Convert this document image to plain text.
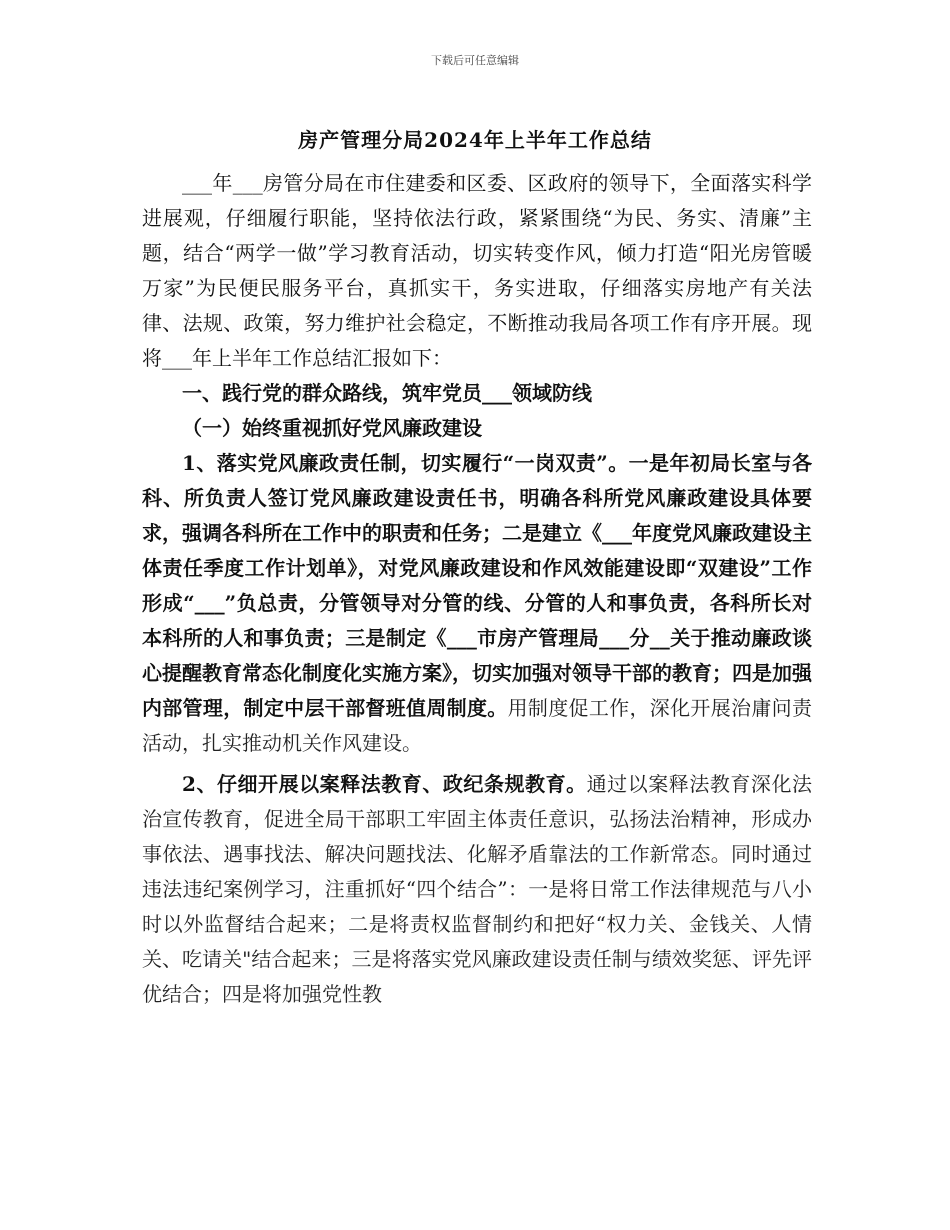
下载后可任意编辑
房产管理分局2024年上半年工作总结

___年___房管分局在市住建委和区委、区政府的领导下，全面落实科学进展观，仔细履行职能，坚持依法行政，紧紧围绕“为民、务实、清廉”主题，结合“两学一做”学习教育活动，切实转变作风，倾力打造“阳光房管暖万家”为民便民服务平台，真抓实干，务实进取，仔细落实房地产有关法律、法规、政策，努力维护社会稳定，不断推动我局各项工作有序开展。现将___年上半年工作总结汇报如下：

一、践行党的群众路线，筑牢党员___领域防线

（一）始终重视抓好党风廉政建设

1、落实党风廉政责任制，切实履行“一岗双责”。一是年初局长室与各科、所负责人签订党风廉政建设责任书，明确各科所党风廉政建设具体要求，强调各科所在工作中的职责和任务；二是建立《___年度党风廉政建设主体责任季度工作计划单》，对党风廉政建设和作风效能建设即“双建设”工作形成“___”负总责，分管领导对分管的线、分管的人和事负责，各科所长对本科所的人和事负责；三是制定《___市房产管理局___分__关于推动廉政谈心提醒教育常态化制度化实施方案》，切实加强对领导干部的教育；四是加强内部管理，制定中层干部督班值周制度。用制度促工作，深化开展治庸问责活动，扎实推动机关作风建设。

2、仔细开展以案释法教育、政纪条规教育。通过以案释法教育深化法治宣传教育，促进全局干部职工牢固主体责任意识，弘扬法治精神，形成办事依法、遇事找法、解决问题找法、化解矛盾靠法的工作新常态。同时通过违法违纪案例学习，注重抓好“四个结合”：一是将日常工作法律规范与八小时以外监督结合起来；二是将责权监督制约和把好“权力关、金钱关、人情关、吃请关"结合起来；三是将落实党风廉政建设责任制与绩效奖惩、评先评优结合；四是将加强党性教
